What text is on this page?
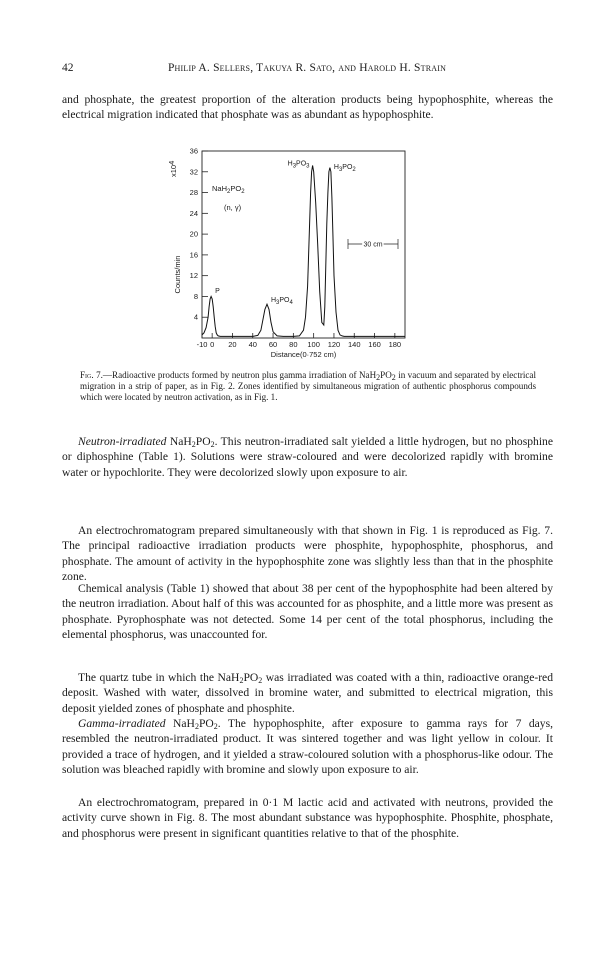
42	Philip A. Sellers, Takuya R. Sato, and Harold H. Strain

and phosphate, the greatest proportion of the alteration products being hypophosphite, whereas the electrical migration indicated that phosphate was as abundant as hypophosphite.

4
8
12
16
20
24
28
32
36
-10 0 20 40 60 80 100 120 140 160 180
Distance(0·752 cm)
Counts/min
x104
$NaH_2PO_2$
(n, γ)
30 cm
P
H3PO4
H3PO3	H3PO2

Fig. 7.—Radioactive products formed by neutron plus gamma irradiation of $NaH_2PO_2$ in vacuum and separated by electrical migration in a strip of paper, as in Fig. 2. Zones identified by simultaneous migration of authentic phosphorus compounds which were located by neutron activation, as in Fig. 1.

Neutron-irradiated $NaH_2PO_2$. This neutron-irradiated salt yielded a little hydrogen, but no phosphine or diphosphine (Table 1). Solutions were straw-coloured and were decolorized rapidly with bromine water or hypochlorite. They were decolorized slowly upon exposure to air.

An electrochromatogram prepared simultaneously with that shown in Fig. 1 is reproduced as Fig. 7. The principal radioactive irradiation products were phosphite, hypophosphite, phosphorus, and phosphate. The amount of activity in the hypophosphite zone was slightly less than that in the phosphite zone.

Chemical analysis (Table 1) showed that about 38 per cent of the hypophosphite had been altered by the neutron irradiation. About half of this was accounted for as phosphite, and a little more was present as phosphate. Pyrophosphate was not detected. Some 14 per cent of the total phosphorus, including the elemental phosphorus, was unaccounted for.

The quartz tube in which the $NaH_2PO_2$ was irradiated was coated with a thin, radioactive orange-red deposit. Washed with water, dissolved in bromine water, and submitted to electrical migration, this deposit yielded zones of phosphate and phosphite.

Gamma-irradiated $NaH_2PO_2$. The hypophosphite, after exposure to gamma rays for 7 days, resembled the neutron-irradiated product. It was sintered together and was light yellow in colour. It provided a trace of hydrogen, and it yielded a straw-coloured solution with a phosphorus-like odour. The solution was bleached rapidly with bromine and slowly upon exposure to air.

An electrochromatogram, prepared in 0·1 M lactic acid and activated with neutrons, provided the activity curve shown in Fig. 8. The most abundant substance was hypophosphite. Phosphite, phosphate, and phosphorus were present in significant quantities relative to that of the phosphite.
